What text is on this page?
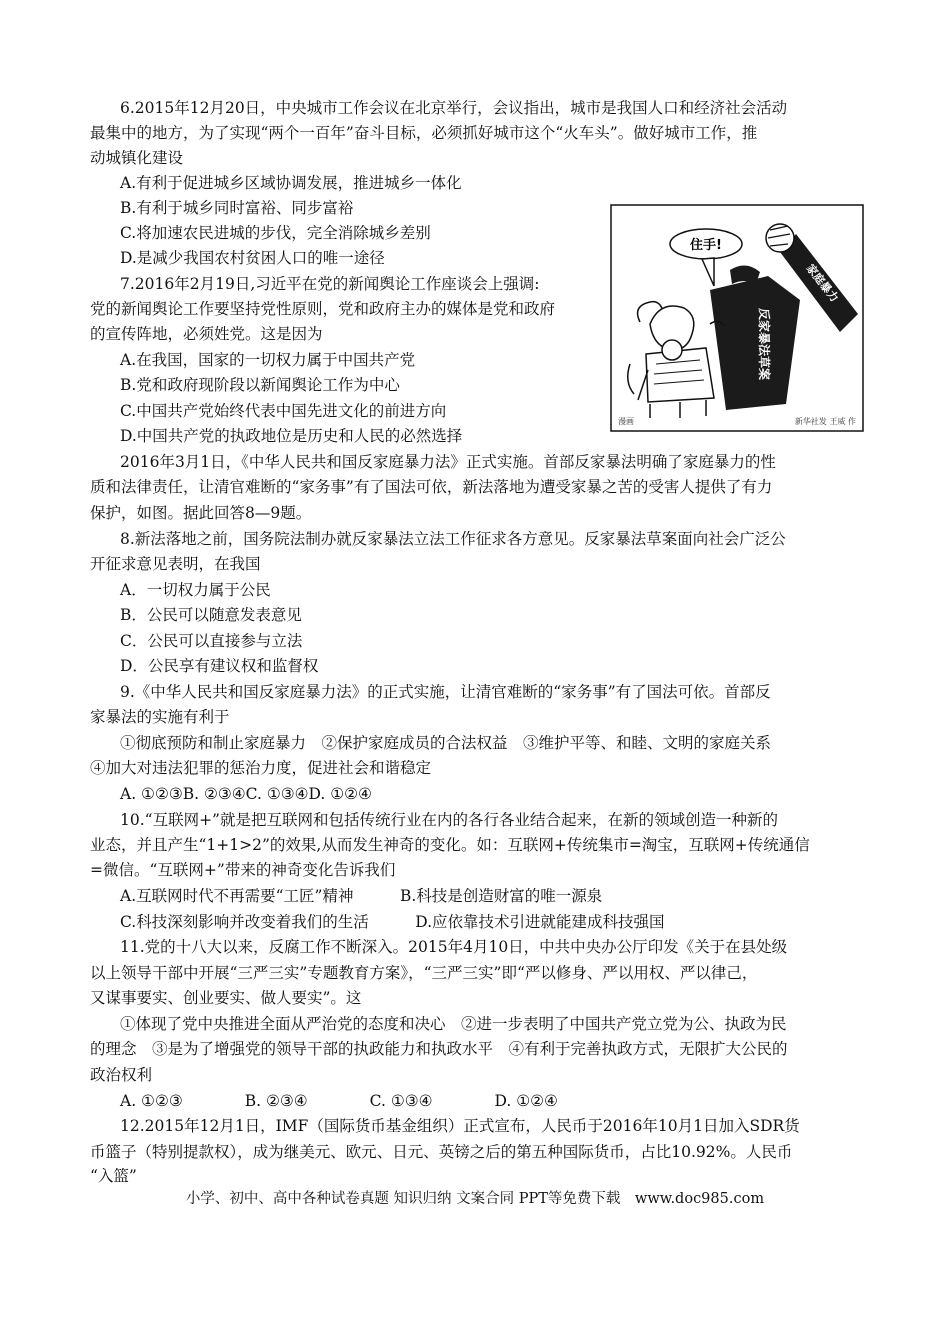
6.2015年12月20日，中央城市工作会议在北京举行，会议指出，城市是我国人口和经济社会活动
最集中的地方，为了实现“两个一百年”奋斗目标，必须抓好城市这个“火车头”。做好城市工作，推
动城镇化建设
A.有利于促进城乡区域协调发展，推进城乡一体化
B.有利于城乡同时富裕、同步富裕
C.将加速农民进城的步伐，完全消除城乡差别
D.是减少我国农村贫困人口的唯一途径
7.2016年2月19日,习近平在党的新闻舆论工作座谈会上强调:
党的新闻舆论工作要坚持党性原则，党和政府主办的媒体是党和政府
的宣传阵地，必须姓党。这是因为
A.在我国，国家的一切权力属于中国共产党
B.党和政府现阶段以新闻舆论工作为中心
C.中国共产党始终代表中国先进文化的前进方向
D.中国共产党的执政地位是历史和人民的必然选择
2016年3月1日，《中华人民共和国反家庭暴力法》正式实施。首部反家暴法明确了家庭暴力的性
质和法律责任，让清官难断的“家务事”有了国法可依，新法落地为遭受家暴之苦的受害人提供了有力
保护，如图。据此回答8—9题。
8.新法落地之前，国务院法制办就反家暴法立法工作征求各方意见。反家暴法草案面向社会广泛公
开征求意见表明，在我国
A．一切权力属于公民
B．公民可以随意发表意见
C．公民可以直接参与立法
D．公民享有建议权和监督权
9.《中华人民共和国反家庭暴力法》的正式实施，让清官难断的“家务事”有了国法可依。首部反
家暴法的实施有利于
①彻底预防和制止家庭暴力　②保护家庭成员的合法权益　③维护平等、和睦、文明的家庭关系
④加大对违法犯罪的惩治力度，促进社会和谐稳定
A. ①②③B. ②③④C. ①③④D. ①②④
10.“互联网+”就是把互联网和包括传统行业在内的各行各业结合起来，在新的领域创造一种新的
业态，并且产生“1+1>2”的效果,从而发生神奇的变化。如：互联网+传统集市=淘宝，互联网+传统通信
=微信。“互联网+”带来的神奇变化告诉我们
A.互联网时代不再需要“工匠”精神　　　B.科技是创造财富的唯一源泉
C.科技深刻影响并改变着我们的生活　　　D.应依靠技术引进就能建成科技强国
11.党的十八大以来，反腐工作不断深入。2015年4月10日，中共中央办公厅印发《关于在县处级
以上领导干部中开展“三严三实”专题教育方案》，“三严三实”即“严以修身、严以用权、严以律己，
又谋事要实、创业要实、做人要实”。这
①体现了党中央推进全面从严治党的态度和决心　②进一步表明了中国共产党立党为公、执政为民
的理念　③是为了增强党的领导干部的执政能力和执政水平　④有利于完善执政方式，无限扩大公民的
政治权利
A. ①②③　　　　B. ②③④　　　　C. ①③④　　　　D. ①②④
12.2015年12月1日，IMF（国际货币基金组织）正式宣布，人民币于2016年10月1日加入SDR货
币篮子（特别提款权），成为继美元、欧元、日元、英镑之后的第五种国际货币，占比10.92%。人民币
“入篮”
住手!
家庭暴力
反家暴法草案
漫画	新华社发 王威 作
小学、初中、高中各种试卷真题 知识归纳 文案合同 PPT等免费下载　www.doc985.com
